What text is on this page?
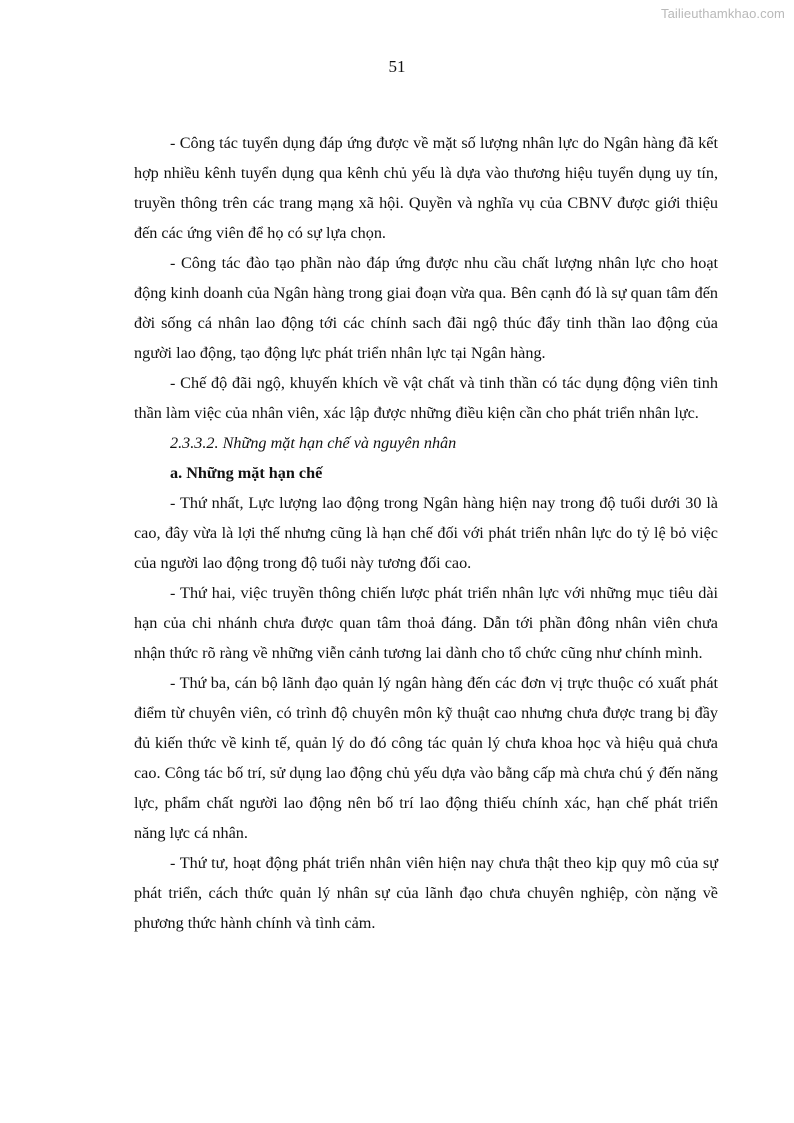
Tailieuthamkhao.com
51

- Công tác tuyển dụng đáp ứng được về mặt số lượng nhân lực do Ngân hàng đã kết hợp nhiều kênh tuyển dụng qua kênh chủ yếu là dựa vào thương hiệu tuyển dụng uy tín, truyền thông trên các trang mạng xã hội. Quyền và nghĩa vụ của CBNV được giới thiệu đến các ứng viên để họ có sự lựa chọn.

- Công tác đào tạo phần nào đáp ứng được nhu cầu chất lượng nhân lực cho hoạt động kinh doanh của Ngân hàng trong giai đoạn vừa qua. Bên cạnh đó là sự quan tâm đến đời sống cá nhân lao động tới các chính sach đãi ngộ thúc đẩy tinh thần lao động của người lao động, tạo động lực phát triển nhân lực tại Ngân hàng.

- Chế độ đãi ngộ, khuyến khích về vật chất và tinh thần có tác dụng động viên tinh thần làm việc của nhân viên, xác lập được những điều kiện cần cho phát triển nhân lực.

2.3.3.2. Những mặt hạn chế và nguyên nhân

a. Những mặt hạn chế

- Thứ nhất, Lực lượng lao động trong Ngân hàng hiện nay trong độ tuổi dưới 30 là cao, đây vừa là lợi thế nhưng cũng là hạn chế đối với phát triển nhân lực do tỷ lệ bỏ việc của người lao động trong độ tuổi này tương đối cao.

- Thứ hai, việc truyền thông chiến lược phát triển nhân lực với những mục tiêu dài hạn của chi nhánh chưa được quan tâm thoả đáng. Dẫn tới phần đông nhân viên chưa nhận thức rõ ràng về những viễn cảnh tương lai dành cho tổ chức cũng như chính mình.

- Thứ ba, cán bộ lãnh đạo quản lý ngân hàng đến các đơn vị trực thuộc có xuất phát điểm từ chuyên viên, có trình độ chuyên môn kỹ thuật cao nhưng chưa được trang bị đầy đủ kiến thức về kinh tế, quản lý do đó công tác quản lý chưa khoa học và hiệu quả chưa cao. Công tác bố trí, sử dụng lao động chủ yếu dựa vào bằng cấp mà chưa chú ý đến năng lực, phẩm chất người lao động nên bố trí lao động thiếu chính xác, hạn chế phát triển năng lực cá nhân.

- Thứ tư, hoạt động phát triển nhân viên hiện nay chưa thật theo kịp quy mô của sự phát triển, cách thức quản lý nhân sự của lãnh đạo chưa chuyên nghiệp, còn nặng về phương thức hành chính và tình cảm.
